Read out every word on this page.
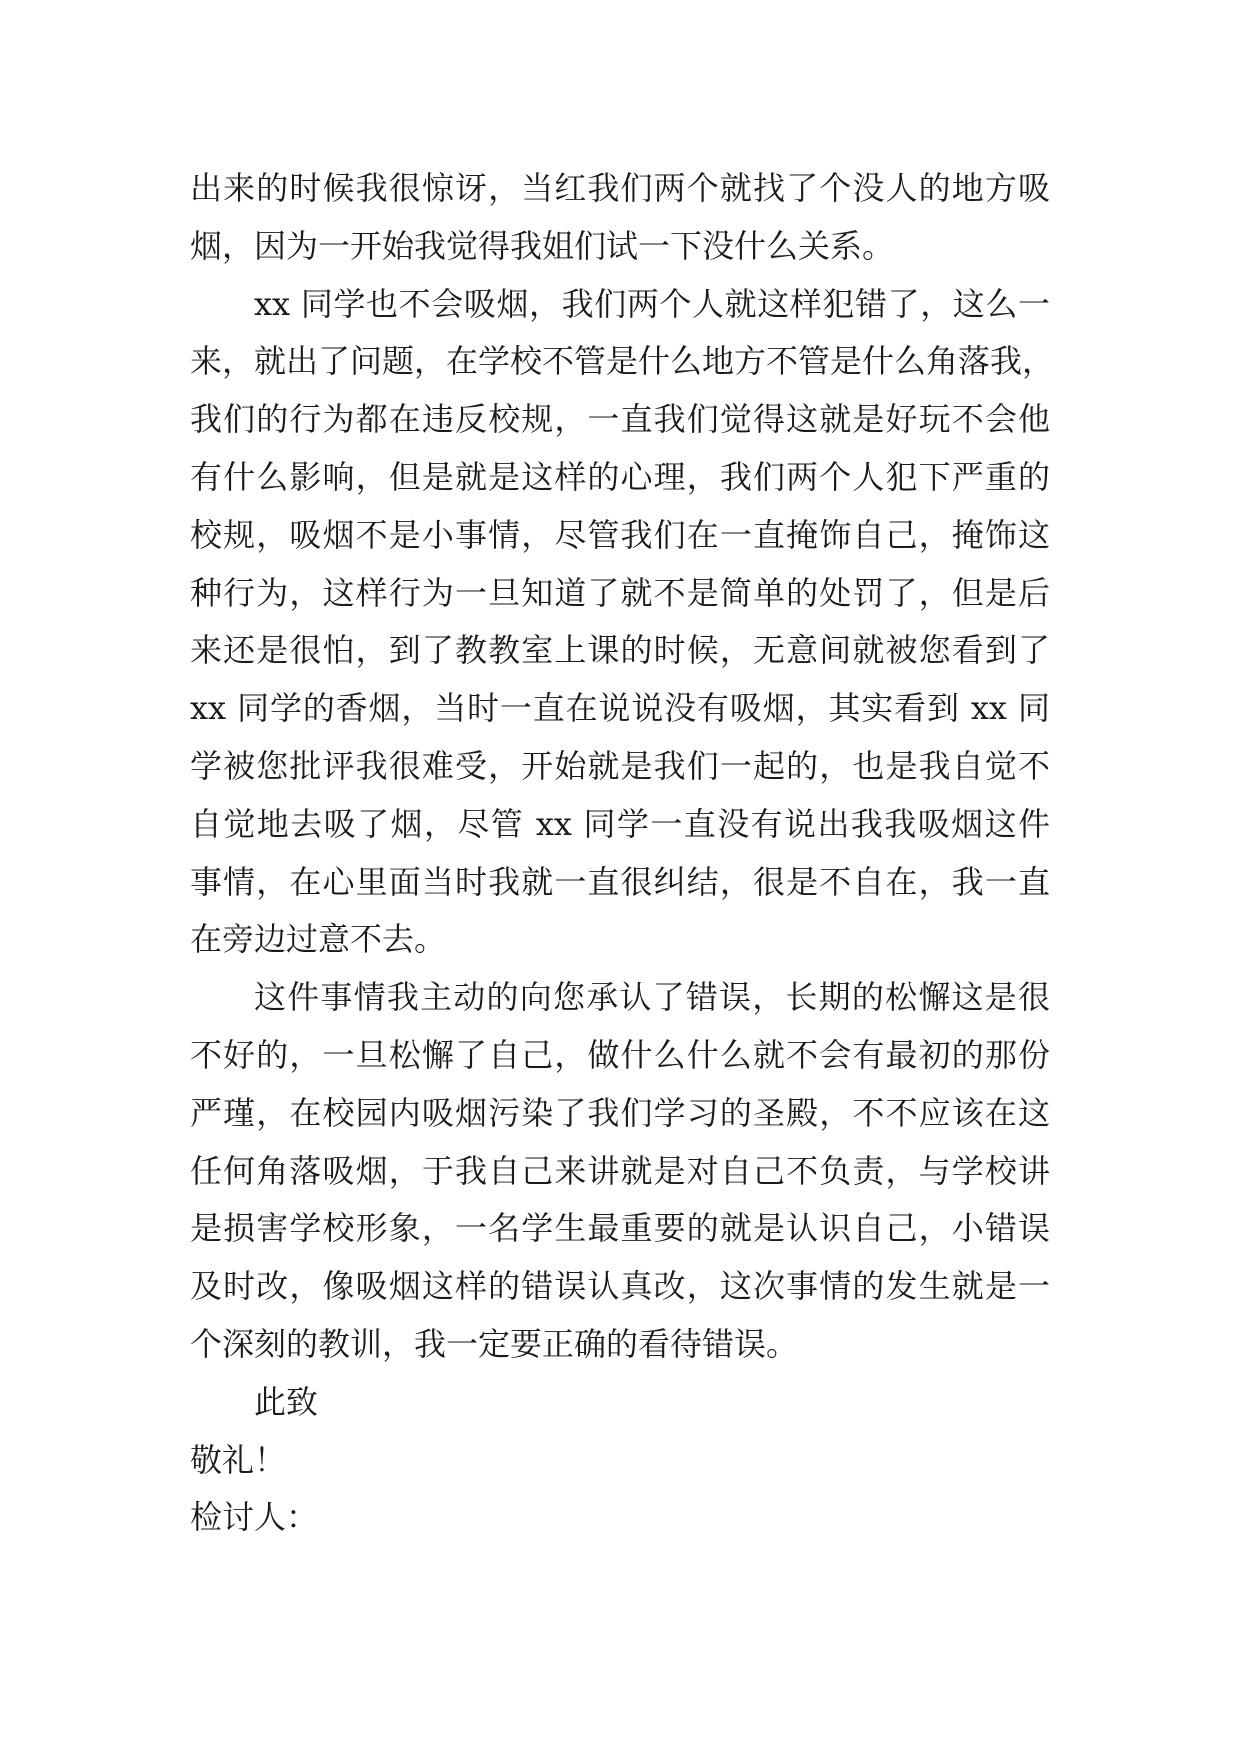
出来的时候我很惊讶，当红我们两个就找了个没人的地方吸
烟，因为一开始我觉得我姐们试一下没什么关系。
xx 同学也不会吸烟，我们两个人就这样犯错了，这么一
来，就出了问题，在学校不管是什么地方不管是什么角落我，
我们的行为都在违反校规，一直我们觉得这就是好玩不会他
有什么影响，但是就是这样的心理，我们两个人犯下严重的
校规，吸烟不是小事情，尽管我们在一直掩饰自己，掩饰这
种行为，这样行为一旦知道了就不是简单的处罚了，但是后
来还是很怕，到了教教室上课的时候，无意间就被您看到了
xx 同学的香烟，当时一直在说说没有吸烟，其实看到 xx 同
学被您批评我很难受，开始就是我们一起的，也是我自觉不
自觉地去吸了烟，尽管 xx 同学一直没有说出我我吸烟这件
事情，在心里面当时我就一直很纠结，很是不自在，我一直
在旁边过意不去。
这件事情我主动的向您承认了错误，长期的松懈这是很
不好的，一旦松懈了自己，做什么什么就不会有最初的那份
严瑾，在校园内吸烟污染了我们学习的圣殿，不不应该在这
任何角落吸烟，于我自己来讲就是对自己不负责，与学校讲
是损害学校形象，一名学生最重要的就是认识自己，小错误
及时改，像吸烟这样的错误认真改，这次事情的发生就是一
个深刻的教训，我一定要正确的看待错误。
此致
敬礼！
检讨人：
